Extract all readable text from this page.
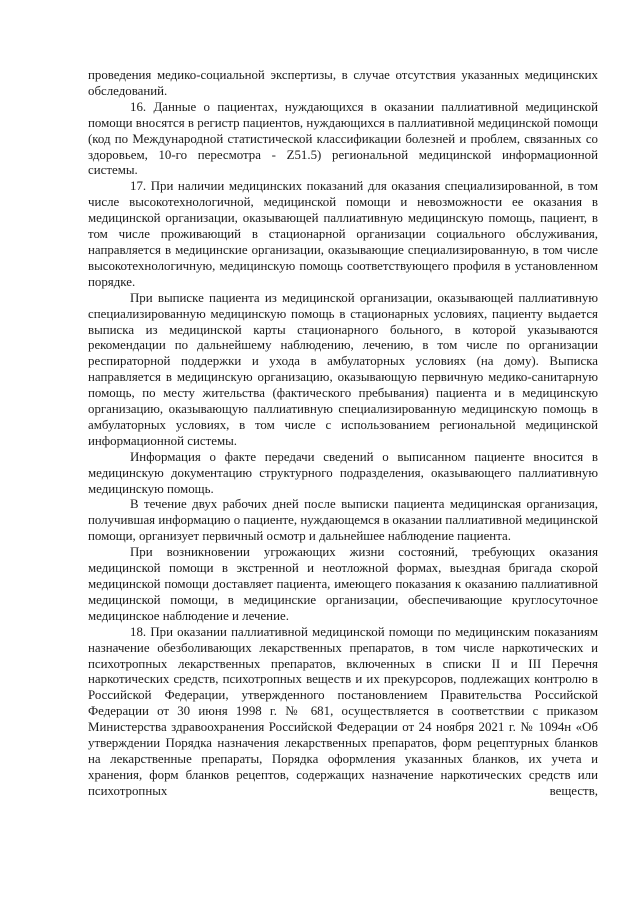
проведения медико-социальной экспертизы, в случае отсутствия указанных медицинских обследований.

16. Данные о пациентах, нуждающихся в оказании паллиативной медицинской помощи вносятся в регистр пациентов, нуждающихся в паллиативной медицинской помощи (код по Международной статистической классификации болезней и проблем, связанных со здоровьем, 10-го пересмотра - Z51.5) региональной медицинской информационной системы.

17. При наличии медицинских показаний для оказания специализированной, в том числе высокотехнологичной, медицинской помощи и невозможности ее оказания в медицинской организации, оказывающей паллиативную медицинскую помощь, пациент, в том числе проживающий в стационарной организации социального обслуживания, направляется в медицинские организации, оказывающие специализированную, в том числе высокотехнологичную, медицинскую помощь соответствующего профиля в установленном порядке.

При выписке пациента из медицинской организации, оказывающей паллиативную специализированную медицинскую помощь в стационарных условиях, пациенту выдается выписка из медицинской карты стационарного больного, в которой указываются рекомендации по дальнейшему наблюдению, лечению, в том числе по организации респираторной поддержки и ухода в амбулаторных условиях (на дому). Выписка направляется в медицинскую организацию, оказывающую первичную медико-санитарную помощь, по месту жительства (фактического пребывания) пациента и в медицинскую организацию, оказывающую паллиативную специализированную медицинскую помощь в амбулаторных условиях, в том числе с использованием региональной медицинской информационной системы.

Информация о факте передачи сведений о выписанном пациенте вносится в медицинскую документацию структурного подразделения, оказывающего паллиативную медицинскую помощь.

В течение двух рабочих дней после выписки пациента медицинская организация, получившая информацию о пациенте, нуждающемся в оказании паллиативной медицинской помощи, организует первичный осмотр и дальнейшее наблюдение пациента.

При возникновении угрожающих жизни состояний, требующих оказания медицинской помощи в экстренной и неотложной формах, выездная бригада скорой медицинской помощи доставляет пациента, имеющего показания к оказанию паллиативной медицинской помощи, в медицинские организации, обеспечивающие круглосуточное медицинское наблюдение и лечение.

18. При оказании паллиативной медицинской помощи по медицинским показаниям назначение обезболивающих лекарственных препаратов, в том числе наркотических и психотропных лекарственных препаратов, включенных в списки II и III Перечня наркотических средств, психотропных веществ и их прекурсоров, подлежащих контролю в Российской Федерации, утвержденного постановлением Правительства Российской Федерации от 30 июня 1998 г. № 681, осуществляется в соответствии с приказом Министерства здравоохранения Российской Федерации от 24 ноября 2021 г. № 1094н «Об утверждении Порядка назначения лекарственных препаратов, форм рецептурных бланков на лекарственные препараты, Порядка оформления указанных бланков, их учета и хранения, форм бланков рецептов, содержащих назначение наркотических средств или психотропных веществ,
